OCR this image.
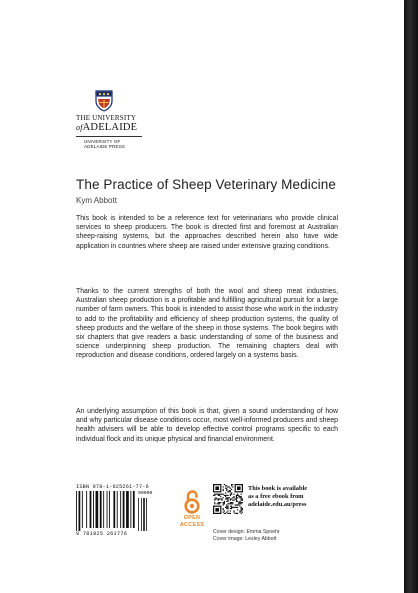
THE UNIVERSITY
ofADELAIDE
UNIVERSITY OF
ADELAIDE PRESS
The Practice of Sheep Veterinary Medicine
Kym Abbott

This book is intended to be a reference text for veterinarians who provide clinical services to sheep producers. The book is directed first and foremost at Australian sheep-raising systems, but the approaches described herein also have wide application in countries where sheep are raised under extensive grazing conditions.

Thanks to the current strengths of both the wool and sheep meat industries, Australian sheep production is a profitable and fulfilling agricultural pursuit for a large number of farm owners. This book is intended to assist those who work in the industry to add to the profitability and efficiency of sheep production systems, the quality of sheep products and the welfare of the sheep in those systems. The book begins with six chapters that give readers a basic understanding of some of the business and science underpinning sheep production. The remaining chapters deal with reproduction and disease conditions, ordered largely on a systems basis.

An underlying assumption of this book is that, given a sound understanding of how and why particular disease conditions occur, most well-informed producers and sheep health advisers will be able to develop effective control programs specific to each individual flock and its unique physical and financial environment.

ISBN 978-1-925261-77-6
90000
9 781925 261776
OPEN
ACCESS
This book is available
as a free ebook from
adelaide.edu.au/press
Cover design: Emma Spoehr
Cover image: Lesley Abbott
